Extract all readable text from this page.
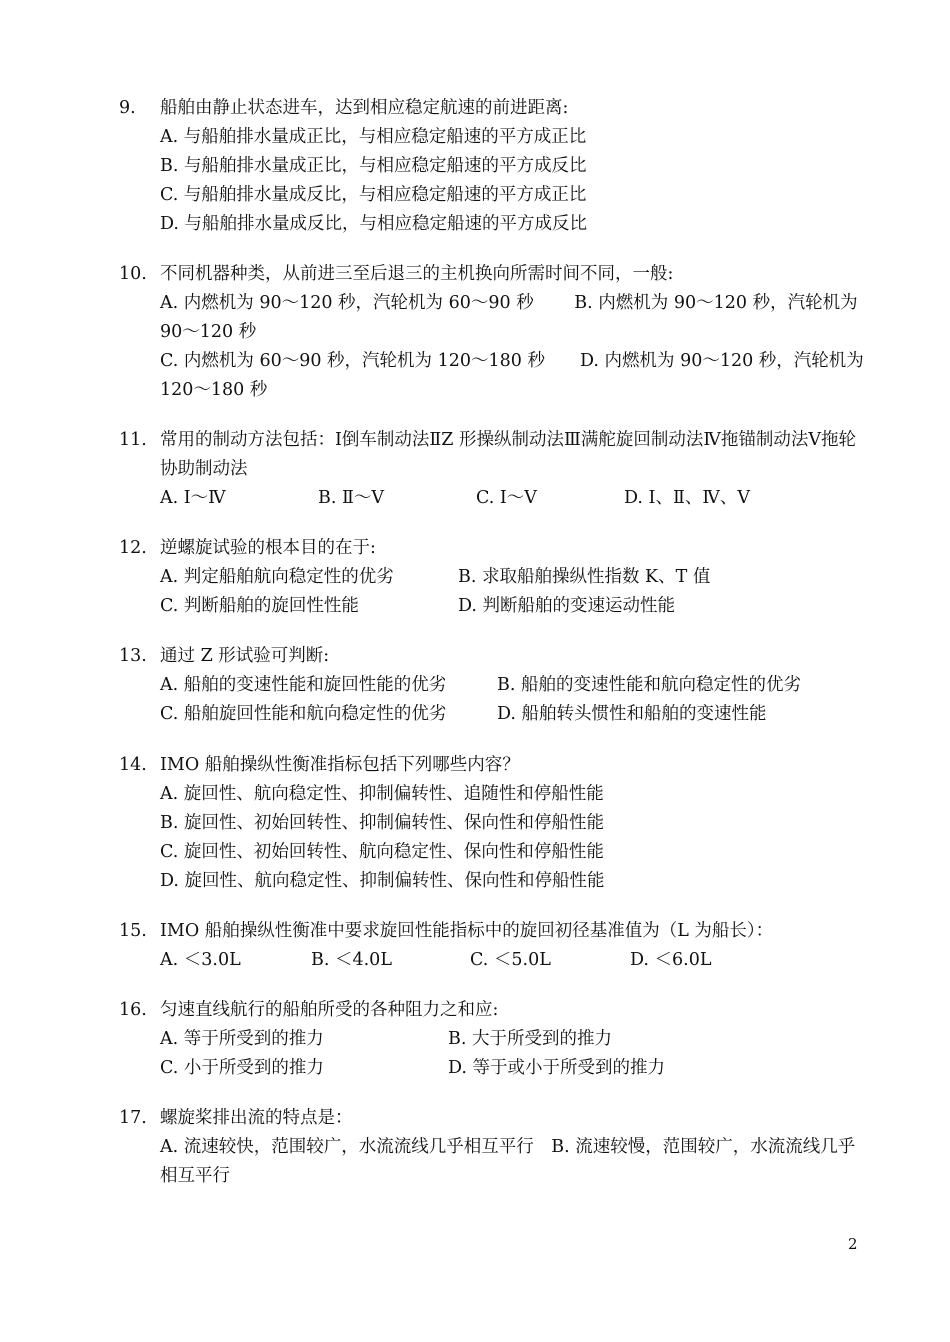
9. 船舶由静止状态进车，达到相应稳定航速的前进距离:
A. 与船舶排水量成正比，与相应稳定船速的平方成正比
B. 与船舶排水量成正比，与相应稳定船速的平方成反比
C. 与船舶排水量成反比，与相应稳定船速的平方成正比
D. 与船舶排水量成反比，与相应稳定船速的平方成反比
10. 不同机器种类，从前进三至后退三的主机换向所需时间不同，一般:
A. 内燃机为 90～120 秒，汽轮机为 60～90 秒　　 B. 内燃机为 90～120 秒，汽轮机为 90～120 秒
C. 内燃机为 60～90 秒，汽轮机为 120～180 秒　　D. 内燃机为 90～120 秒，汽轮机为 120～180 秒
11. 常用的制动方法包括：Ⅰ倒车制动法ⅡZ 形操纵制动法Ⅲ满舵旋回制动法Ⅳ拖锚制动法Ⅴ拖轮协助制动法
A. Ⅰ～Ⅳ	B. Ⅱ～Ⅴ	C. Ⅰ～Ⅴ	D. Ⅰ、Ⅱ、Ⅳ、Ⅴ
12. 逆螺旋试验的根本目的在于:
A. 判定船舶航向稳定性的优劣	B. 求取船舶操纵性指数 K、T 值
C. 判断船舶的旋回性性能	D. 判断船舶的变速运动性能
13. 通过 Z 形试验可判断:
A. 船舶的变速性能和旋回性能的优劣	B. 船舶的变速性能和航向稳定性的优劣
C. 船舶旋回性能和航向稳定性的优劣	D. 船舶转头惯性和船舶的变速性能
14. IMO 船舶操纵性衡准指标包括下列哪些内容？
A. 旋回性、航向稳定性、抑制偏转性、追随性和停船性能
B. 旋回性、初始回转性、抑制偏转性、保向性和停船性能
C. 旋回性、初始回转性、航向稳定性、保向性和停船性能
D. 旋回性、航向稳定性、抑制偏转性、保向性和停船性能
15. IMO 船舶操纵性衡准中要求旋回性能指标中的旋回初径基准值为（L 为船长）：
A. ＜3.0L	B. ＜4.0L	C. ＜5.0L	D. ＜6.0L
16. 匀速直线航行的船舶所受的各种阻力之和应:
A. 等于所受到的推力	B. 大于所受到的推力
C. 小于所受到的推力	D. 等于或小于所受到的推力
17. 螺旋桨排出流的特点是：
A. 流速较快，范围较广，水流流线几乎相互平行　B. 流速较慢，范围较广，水流流线几乎相互平行
2
